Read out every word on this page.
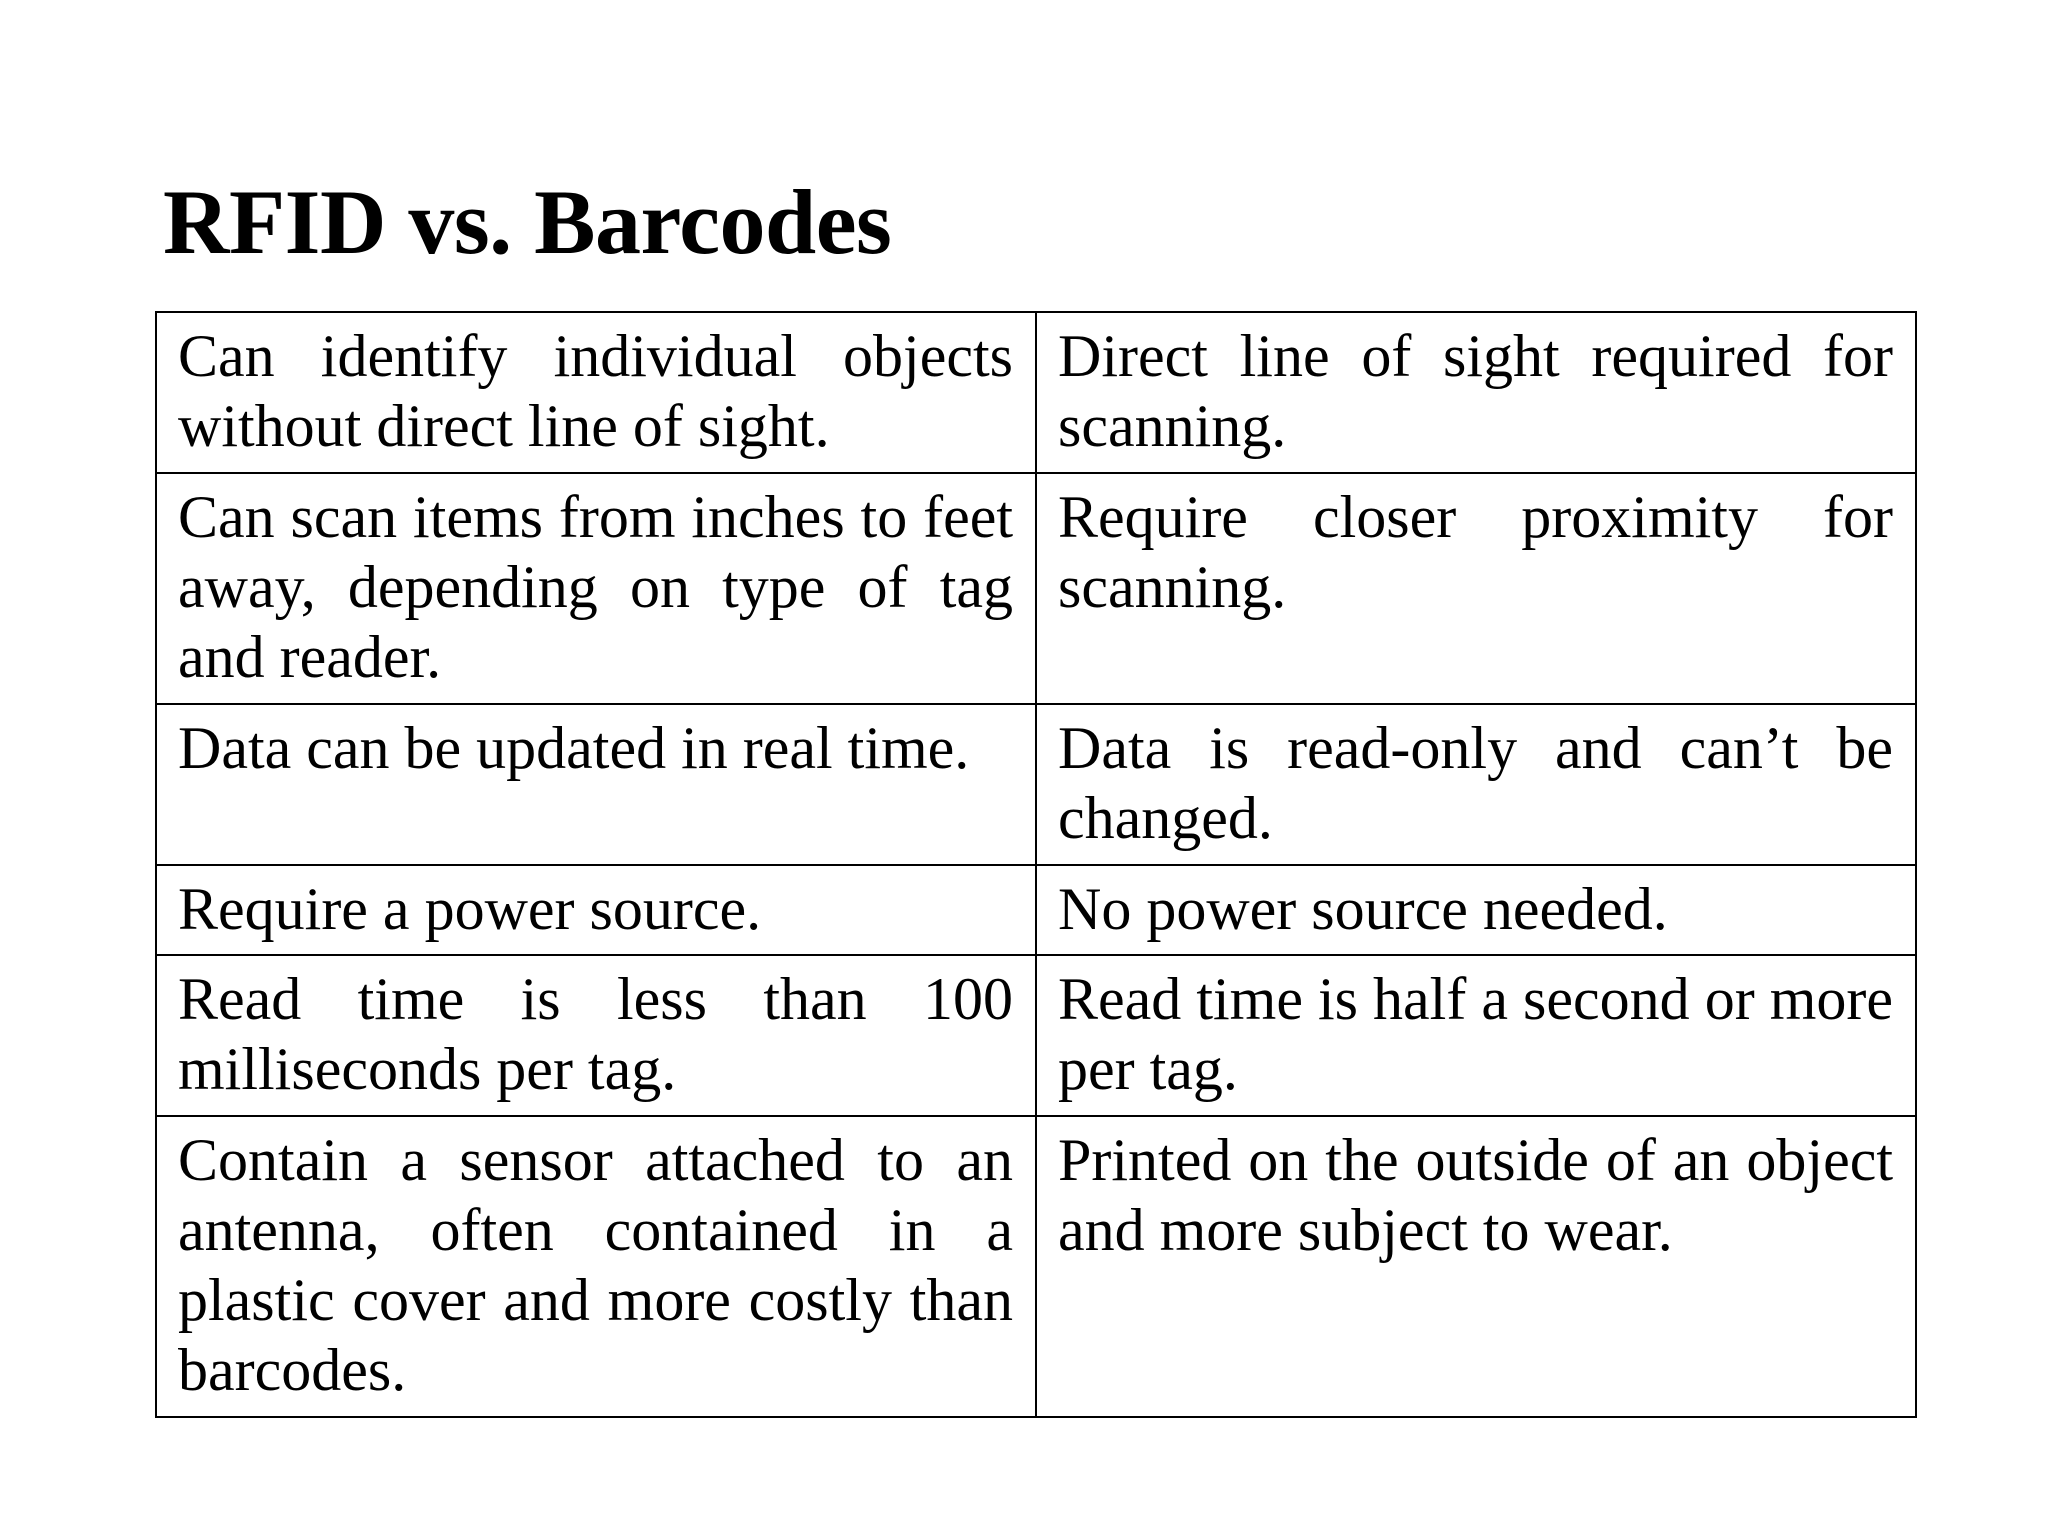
RFID vs. Barcodes
Can identify individual objects without direct line of sight.	Direct line of sight required for scanning.
Can scan items from inches to feet away, depending on type of tag and reader.	Require closer proximity for scanning.
Data can be updated in real time.	Data is read-only and can’t be changed.
Require a power source.	No power source needed.
Read time is less than 100 milliseconds per tag.	Read time is half a second or more per tag.
Contain a sensor attached to an antenna, often contained in a plastic cover and more costly than barcodes.	Printed on the outside of an object and more subject to wear.
